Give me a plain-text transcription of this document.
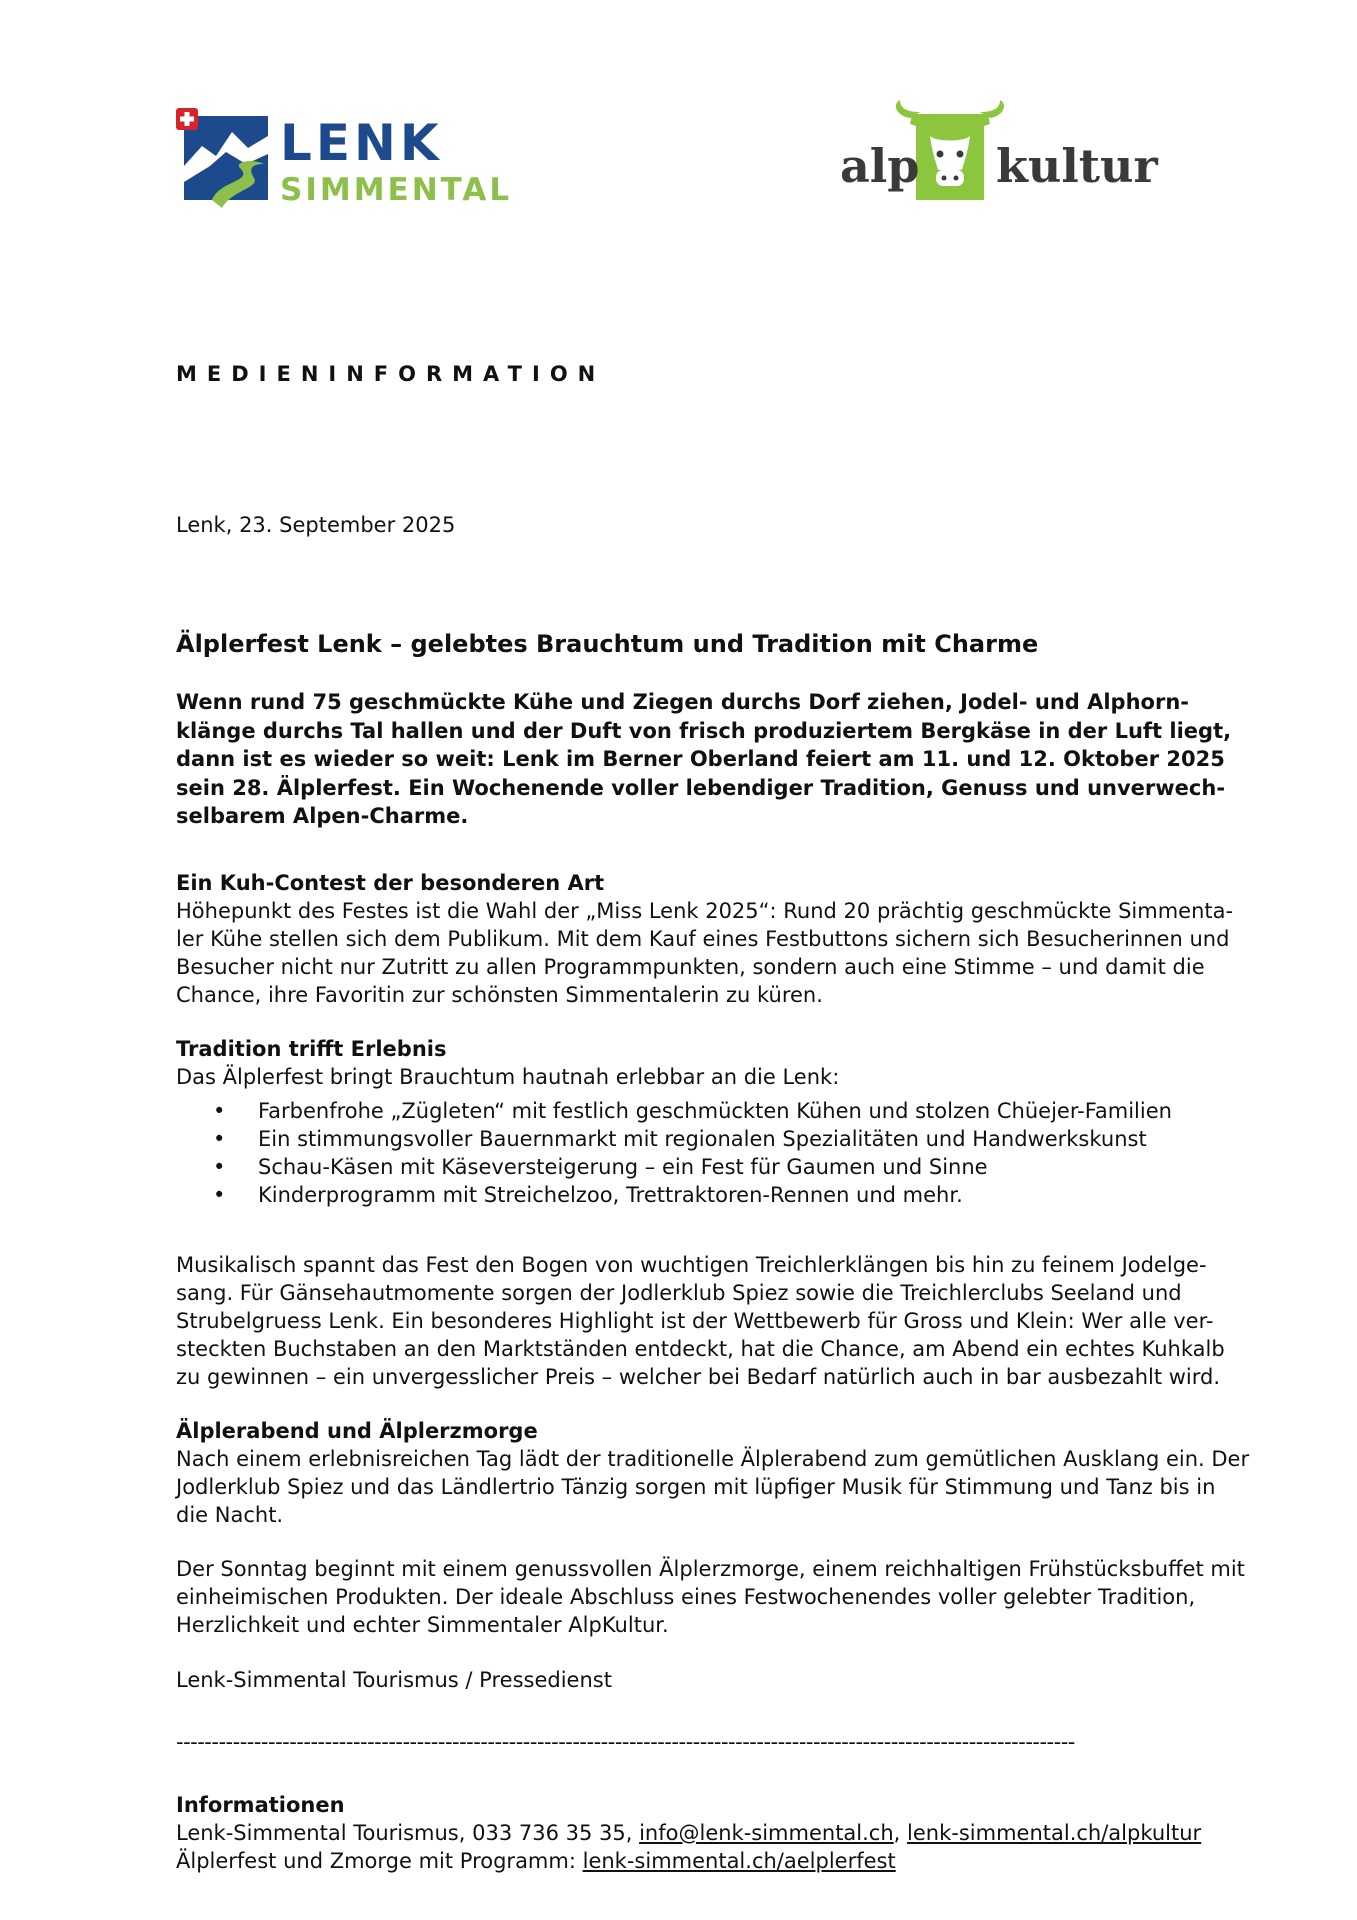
LENK
SIMMENTAL	alp kultur
MEDIENINFORMATION
Lenk, 23. September 2025
Älplerfest Lenk – gelebtes Brauchtum und Tradition mit Charme
Wenn rund 75 geschmückte Kühe und Ziegen durchs Dorf ziehen, Jodel- und Alphorn-
klänge durchs Tal hallen und der Duft von frisch produziertem Bergkäse in der Luft liegt,
dann ist es wieder so weit: Lenk im Berner Oberland feiert am 11. und 12. Oktober 2025
sein 28. Älplerfest. Ein Wochenende voller lebendiger Tradition, Genuss und unverwech-
selbarem Alpen-Charme.
Ein Kuh-Contest der besonderen Art
Höhepunkt des Festes ist die Wahl der „Miss Lenk 2025“: Rund 20 prächtig geschmückte Simmenta-
ler Kühe stellen sich dem Publikum. Mit dem Kauf eines Festbuttons sichern sich Besucherinnen und
Besucher nicht nur Zutritt zu allen Programmpunkten, sondern auch eine Stimme – und damit die
Chance, ihre Favoritin zur schönsten Simmentalerin zu küren.
Tradition trifft Erlebnis
Das Älplerfest bringt Brauchtum hautnah erlebbar an die Lenk:
• Farbenfrohe „Zügleten“ mit festlich geschmückten Kühen und stolzen Chüejer-Familien
• Ein stimmungsvoller Bauernmarkt mit regionalen Spezialitäten und Handwerkskunst
• Schau-Käsen mit Käseversteigerung – ein Fest für Gaumen und Sinne
• Kinderprogramm mit Streichelzoo, Trettraktoren-Rennen und mehr.
Musikalisch spannt das Fest den Bogen von wuchtigen Treichlerklängen bis hin zu feinem Jodelge-
sang. Für Gänsehautmomente sorgen der Jodlerklub Spiez sowie die Treichlerclubs Seeland und
Strubelgruess Lenk. Ein besonderes Highlight ist der Wettbewerb für Gross und Klein: Wer alle ver-
steckten Buchstaben an den Marktständen entdeckt, hat die Chance, am Abend ein echtes Kuhkalb
zu gewinnen – ein unvergesslicher Preis – welcher bei Bedarf natürlich auch in bar ausbezahlt wird.
Älplerabend und Älplerzmorge
Nach einem erlebnisreichen Tag lädt der traditionelle Älplerabend zum gemütlichen Ausklang ein. Der
Jodlerklub Spiez und das Ländlertrio Tänzig sorgen mit lüpfiger Musik für Stimmung und Tanz bis in
die Nacht.
Der Sonntag beginnt mit einem genussvollen Älplerzmorge, einem reichhaltigen Frühstücksbuffet mit
einheimischen Produkten. Der ideale Abschluss eines Festwochenendes voller gelebter Tradition,
Herzlichkeit und echter Simmentaler AlpKultur.
Lenk-Simmental Tourismus / Pressedienst
-------------------------------------------------------------------------------------------------------------------------------
Informationen
Lenk-Simmental Tourismus, 033 736 35 35, info@lenk-simmental.ch, lenk-simmental.ch/alpkultur
Älplerfest und Zmorge mit Programm: lenk-simmental.ch/aelplerfest
